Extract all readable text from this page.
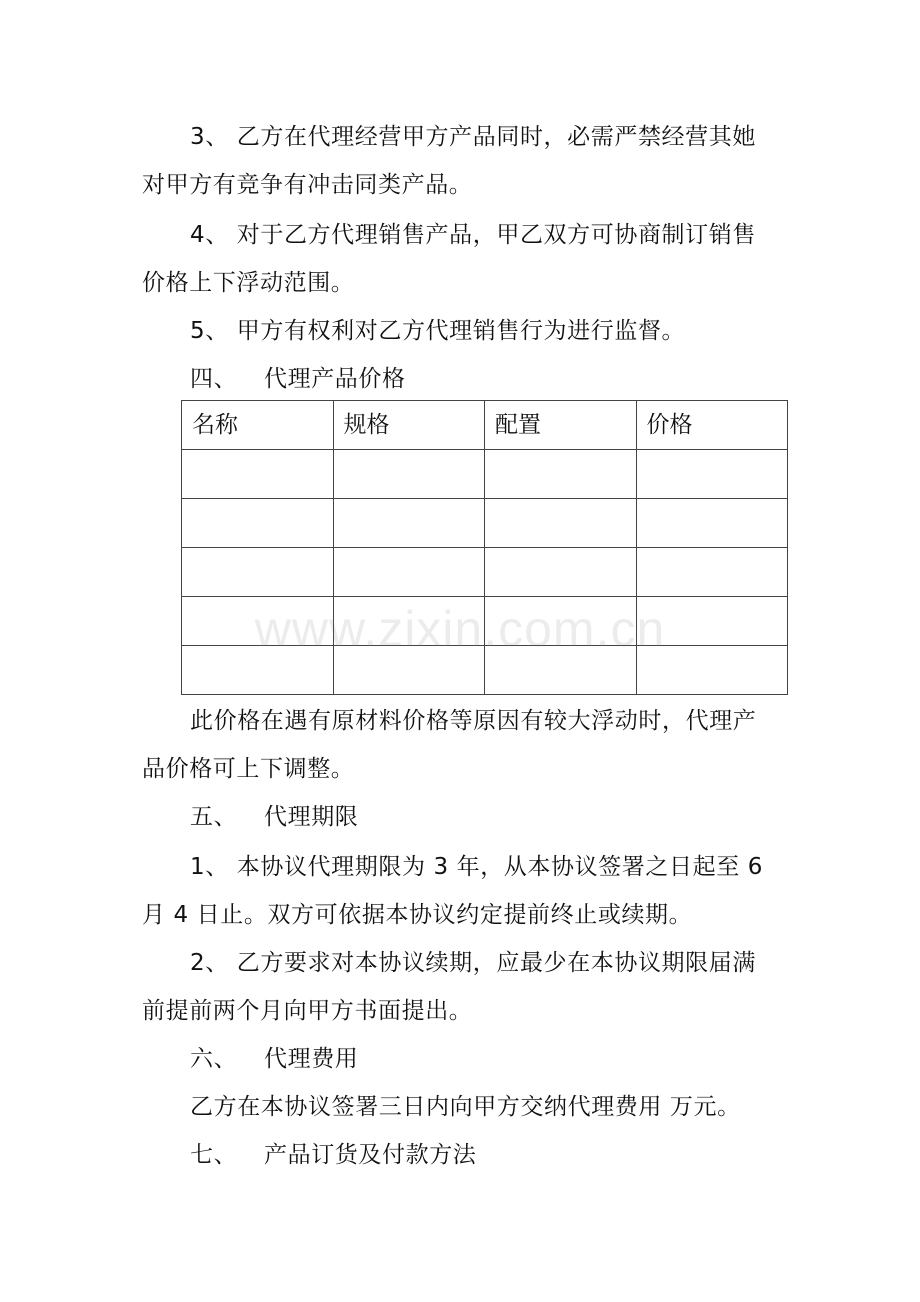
3、 乙方在代理经营甲方产品同时，必需严禁经营其她
对甲方有竞争有冲击同类产品。
4、 对于乙方代理销售产品，甲乙双方可协商制订销售
价格上下浮动范围。
5、 甲方有权利对乙方代理销售行为进行监督。
四、 代理产品价格
名称	规格	配置	价格

www.zixin.com.cn
此价格在遇有原材料价格等原因有较大浮动时，代理产
品价格可上下调整。
五、 代理期限
1、 本协议代理期限为 3 年，从本协议签署之日起至 6
月 4 日止。双方可依据本协议约定提前终止或续期。
2、 乙方要求对本协议续期，应最少在本协议期限届满
前提前两个月向甲方书面提出。
六、 代理费用
乙方在本协议签署三日内向甲方交纳代理费用 万元。
七、 产品订货及付款方法
